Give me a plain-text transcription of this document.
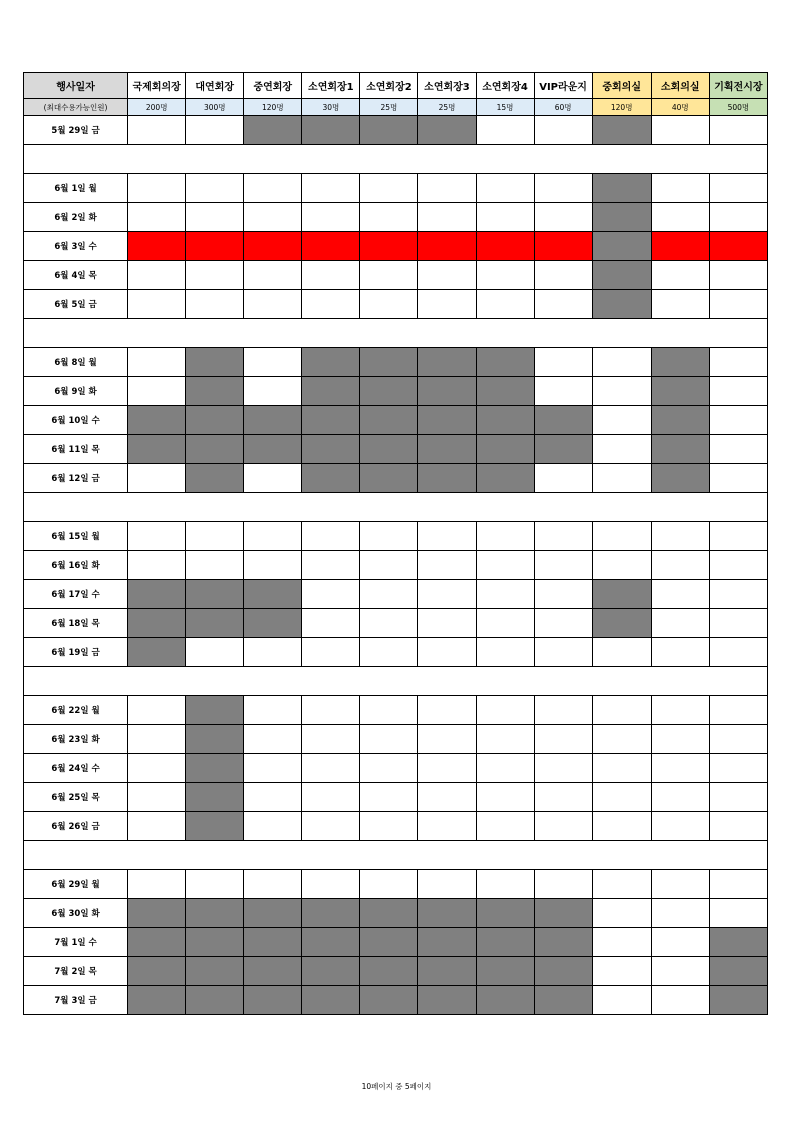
행사일자	국제회의장	대연회장	중연회장	소연회장1	소연회장2	소연회장3	소연회장4	VIP라운지	중회의실	소회의실	기획전시장
(최대수용가능인원)	200명	300명	120명	30명	25명	25명	15명	60명	120명	40명	500명
5월 29일 금											

6월 1일 월											
6월 2일 화											
6월 3일 수											
6월 4일 목											
6월 5일 금											

6월 8일 월											
6월 9일 화											
6월 10일 수											
6월 11일 목											
6월 12일 금											

6월 15일 월											
6월 16일 화											
6월 17일 수											
6월 18일 목											
6월 19일 금											

6월 22일 월											
6월 23일 화											
6월 24일 수											
6월 25일 목											
6월 26일 금											

6월 29일 월											
6월 30일 화											
7월 1일 수											
7월 2일 목											
7월 3일 금											
10페이지 중 5페이지
